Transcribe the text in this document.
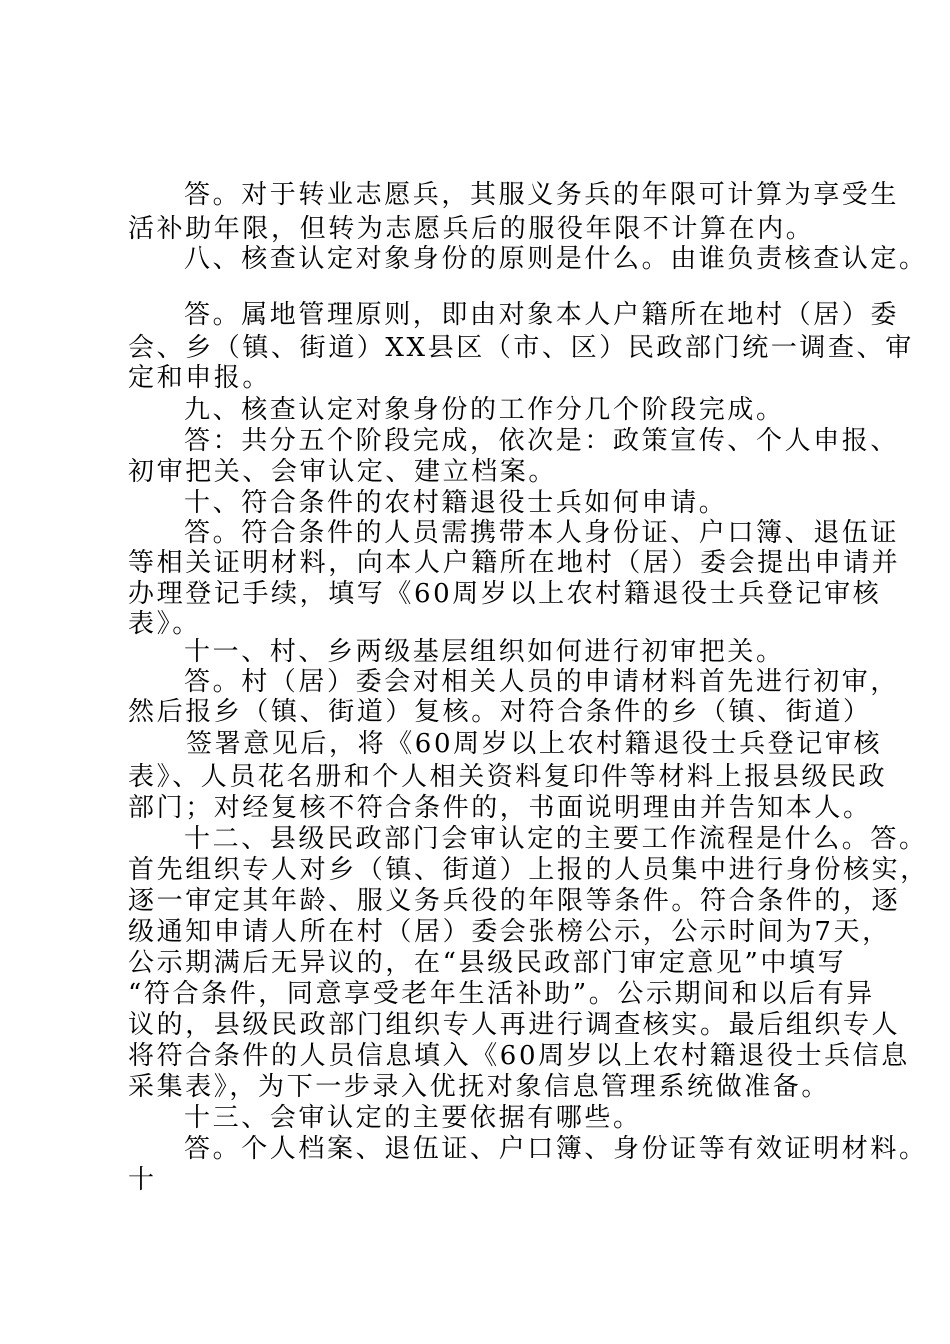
答。对于转业志愿兵，其服义务兵的年限可计算为享受生
活补助年限，但转为志愿兵后的服役年限不计算在内。
八、核查认定对象身份的原则是什么。由谁负责核查认定。
答。属地管理原则，即由对象本人户籍所在地村（居）委
会、乡（镇、街道）XX县区（市、区）民政部门统一调查、审
定和申报。
九、核查认定对象身份的工作分几个阶段完成。
答：共分五个阶段完成，依次是：政策宣传、个人申报、
初审把关、会审认定、建立档案。
十、符合条件的农村籍退役士兵如何申请。
答。符合条件的人员需携带本人身份证、户口簿、退伍证
等相关证明材料，向本人户籍所在地村（居）委会提出申请并
办理登记手续，填写《60周岁以上农村籍退役士兵登记审核
表》。
十一、村、乡两级基层组织如何进行初审把关。
答。村（居）委会对相关人员的申请材料首先进行初审，
然后报乡（镇、街道）复核。对符合条件的乡（镇、街道）
签署意见后，将《60周岁以上农村籍退役士兵登记审核
表》、人员花名册和个人相关资料复印件等材料上报县级民政
部门；对经复核不符合条件的，书面说明理由并告知本人。
十二、县级民政部门会审认定的主要工作流程是什么。答。
首先组织专人对乡（镇、街道）上报的人员集中进行身份核实，
逐一审定其年龄、服义务兵役的年限等条件。符合条件的，逐
级通知申请人所在村（居）委会张榜公示，公示时间为7天，
公示期满后无异议的，在“县级民政部门审定意见”中填写
“符合条件，同意享受老年生活补助”。公示期间和以后有异
议的，县级民政部门组织专人再进行调查核实。最后组织专人
将符合条件的人员信息填入《60周岁以上农村籍退役士兵信息
采集表》，为下一步录入优抚对象信息管理系统做准备。
十三、会审认定的主要依据有哪些。
答。个人档案、退伍证、户口簿、身份证等有效证明材料。
十
